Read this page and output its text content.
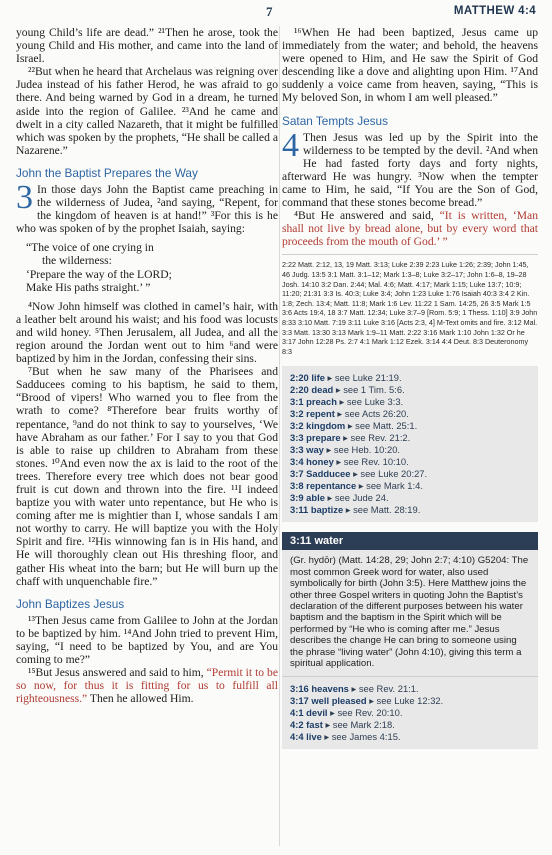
7	MATTHEW 4:4

young Child’s life are dead.” ²¹Then he arose, took the young Child and His mother, and came into the land of Israel.

²²But when he heard that Archelaus was reigning over Judea instead of his father Herod, he was afraid to go there. And being warned by God in a dream, he turned aside into the region of Galilee. ²³And he came and dwelt in a city called Nazareth, that it might be fulfilled which was spoken by the prophets, “He shall be called a Nazarene.”

John the Baptist Prepares the Way

3 In those days John the Baptist came preaching in the wilderness of Judea, ²and saying, “Repent, for the kingdom of heaven is at hand!” ³For this is he who was spoken of by the prophet Isaiah, saying:

“The voice of one crying in
the wilderness:
‘Prepare the way of the LORD;
Make His paths straight.’ ”

⁴Now John himself was clothed in camel’s hair, with a leather belt around his waist; and his food was locusts and wild honey. ⁵Then Jerusalem, all Judea, and all the region around the Jordan went out to him ⁶and were baptized by him in the Jordan, confessing their sins.

⁷But when he saw many of the Pharisees and Sadducees coming to his baptism, he said to them, “Brood of vipers! Who warned you to flee from the wrath to come? ⁸Therefore bear fruits worthy of repentance, ⁹and do not think to say to yourselves, ‘We have Abraham as our father.’ For I say to you that God is able to raise up children to Abraham from these stones. ¹⁰And even now the ax is laid to the root of the trees. Therefore every tree which does not bear good fruit is cut down and thrown into the fire. ¹¹I indeed baptize you with water unto repentance, but He who is coming after me is mightier than I, whose sandals I am not worthy to carry. He will baptize you with the Holy Spirit and fire. ¹²His winnowing fan is in His hand, and He will thoroughly clean out His threshing floor, and gather His wheat into the barn; but He will burn up the chaff with unquenchable fire.”

John Baptizes Jesus

¹³Then Jesus came from Galilee to John at the Jordan to be baptized by him. ¹⁴And John tried to prevent Him, saying, “I need to be baptized by You, and are You coming to me?”

¹⁵But Jesus answered and said to him, “Permit it to be so now, for thus it is fitting for us to fulfill all righteousness.” Then he allowed Him.

¹⁶When He had been baptized, Jesus came up immediately from the water; and behold, the heavens were opened to Him, and He saw the Spirit of God descending like a dove and alighting upon Him. ¹⁷And suddenly a voice came from heaven, saying, “This is My beloved Son, in whom I am well pleased.”

Satan Tempts Jesus

4 Then Jesus was led up by the Spirit into the wilderness to be tempted by the devil. ²And when He had fasted forty days and forty nights, afterward He was hungry. ³Now when the tempter came to Him, he said, “If You are the Son of God, command that these stones become bread.”

⁴But He answered and said, “It is written, ‘Man shall not live by bread alone, but by every word that proceeds from the mouth of God.’ ”

2:22 Matt. 2:12, 13, 19 Matt. 3:13; Luke 2:39 2:23 Luke 1:26; 2:39; John 1:45, 46 Judg. 13:5 3:1 Matt. 3:1–12; Mark 1:3–8; Luke 3:2–17; John 1:6–8, 19–28 Josh. 14:10 3:2 Dan. 2:44; Mal. 4:6; Matt. 4:17; Mark 1:15; Luke 13:7; 10:9; 11:20; 21:31 3:3 Is. 40:3; Luke 3:4; John 1:23 Luke 1:76 Isaiah 40:3 3:4 2 Kin. 1:8; Zech. 13:4; Matt. 11:8; Mark 1:6 Lev. 11:22 1 Sam. 14:25, 26 3:5 Mark 1:5 3:6 Acts 19:4, 18 3:7 Matt. 12:34; Luke 3:7–9 [Rom. 5:9; 1 Thess. 1:10] 3:9 John 8:33 3:10 Matt. 7:19 3:11 Luke 3:16 [Acts 2:3, 4] M-Text omits and fire. 3:12 Mal. 3:3 Matt. 13:30 3:13 Mark 1:9–11 Matt. 2:22 3:16 Mark 1:10 John 1:32 Or he 3:17 John 12:28 Ps. 2:7 4:1 Mark 1:12 Ezek. 3:14 4:4 Deut. 8:3 Deuteronomy 8:3
2:20 life ▸ see Luke 21:19.
2:20 dead ▸ see 1 Tim. 5:6.
3:1 preach ▸ see Luke 3:3.
3:2 repent ▸ see Acts 26:20.
3:2 kingdom ▸ see Matt. 25:1.
3:3 prepare ▸ see Rev. 21:2.
3:3 way ▸ see Heb. 10:20.
3:4 honey ▸ see Rev. 10:10.
3:7 Sadducee ▸ see Luke 20:27.
3:8 repentance ▸ see Mark 1:4.
3:9 able ▸ see Jude 24.
3:11 baptize ▸ see Matt. 28:19.
3:11 water
(Gr. hydōr) (Matt. 14:28, 29; John 2:7; 4:10) G5204: The most common Greek word for water, also used symbolically for birth (John 3:5). Here Matthew joins the other three Gospel writers in quoting John the Baptist’s declaration of the different purposes between his water baptism and the baptism in the Spirit which will be performed by “He who is coming after me.” Jesus describes the change He can bring to someone using the phrase “living water” (John 4:10), giving this term a spiritual application.
3:16 heavens ▸ see Rev. 21:1.
3:17 well pleased ▸ see Luke 12:32.
4:1 devil ▸ see Rev. 20:10.
4:2 fast ▸ see Mark 2:18.
4:4 live ▸ see James 4:15.
